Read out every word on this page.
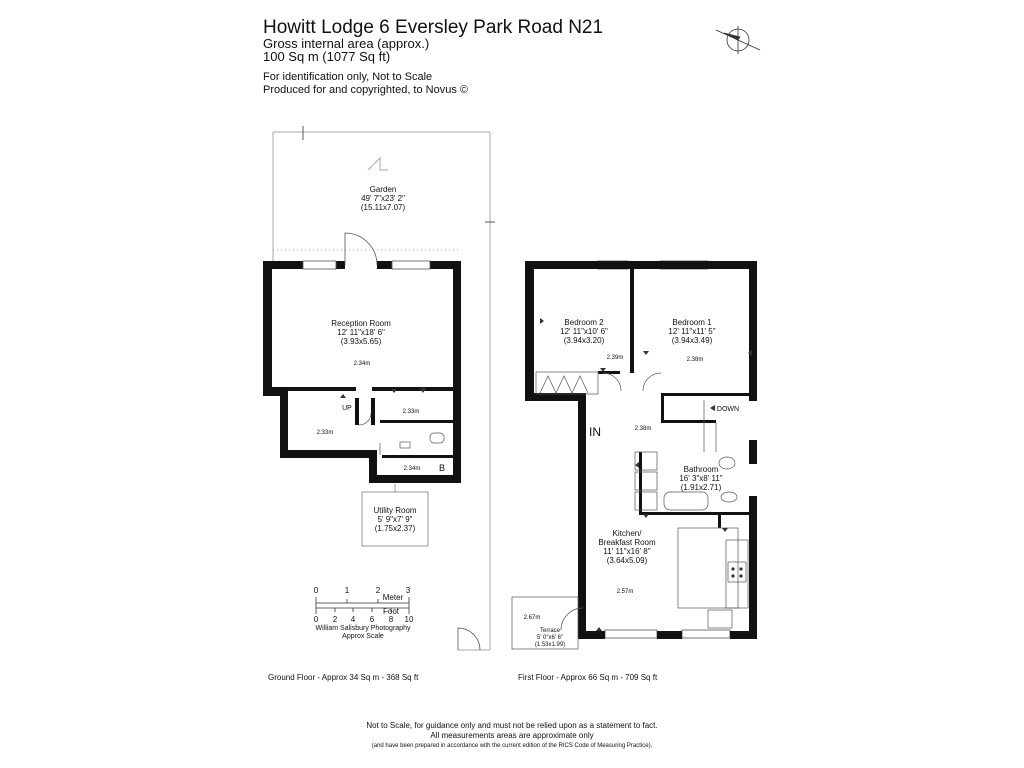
Howitt Lodge 6 Eversley Park Road N21
Gross internal area (approx.)
100 Sq m (1077 Sq ft)
For identification only, Not to Scale
Produced for and copyrighted, to Novus ©
Garden
49' 7"x23' 2"
(15.11x7.07)
Reception Room
12' 11"x18' 6"
(3.93x5.65)
2.34m
UP	2.33m
2.33m
2.34m B
Utility Room
5' 9"x7' 9"
(1.75x2.37)
0	1	2	3
Meter
Foot
0 2 4 6 8 10
William Salisbury Photography
Approx Scale
Bedroom 2
12' 11"x10' 6"
(3.94x3.20)
2.39m
Bedroom 1
12' 11"x11' 5"
(3.94x3.49)
2.38m
IN	2.38m
DOWN
Bathroom
16' 3"x8' 11"
(1.91x2.71)
Kitchen/
Breakfast Room
11' 11"x16' 8"
(3.64x5.09)
2.57m
2.67m
Terrace
5' 0"x6' 6"
(1.53x1.99)
Ground Floor - Approx 34 Sq m - 368 Sq ft	First Floor - Approx 66 Sq m - 709 Sq ft
Not to Scale, for guidance only and must not be relied upon as a statement to fact.
All measurements areas are approximate only
(and have been prepared in accordance with the current edition of the RICS Code of Measuring Practice).
